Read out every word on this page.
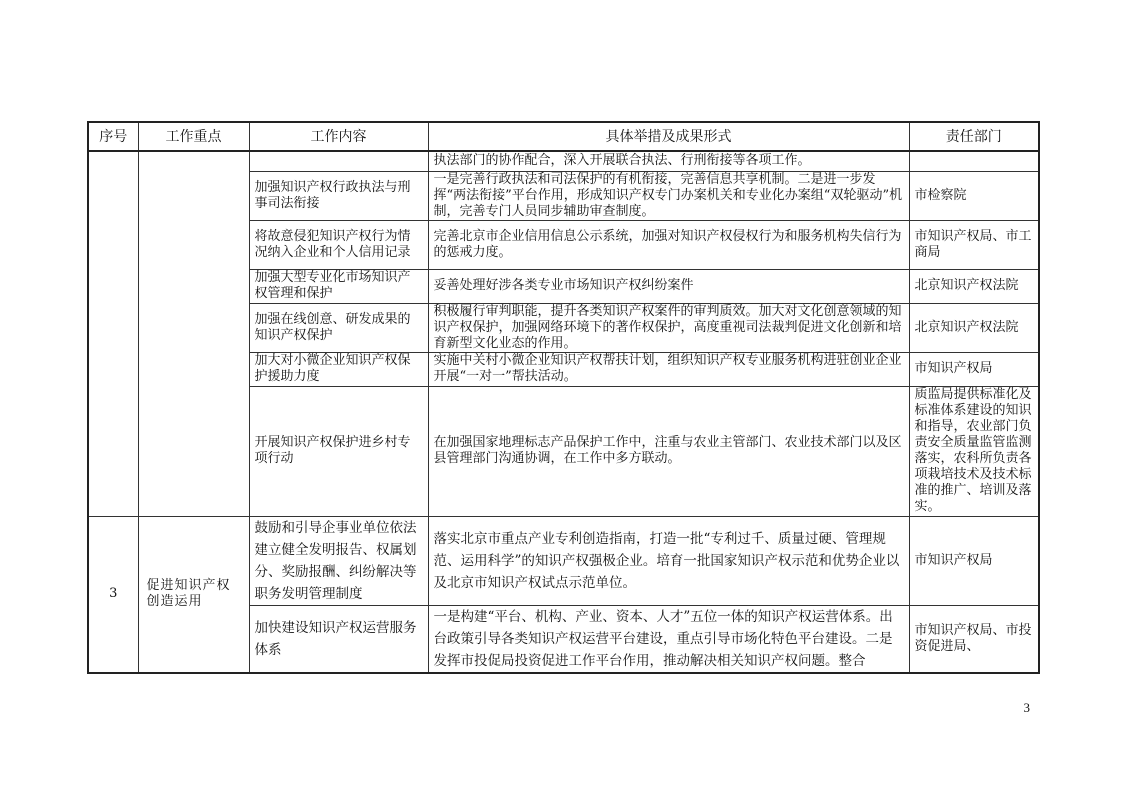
序号	工作重点	工作内容	具体举措及成果形式	责任部门
			执法部门的协作配合，深入开展联合执法、行刑衔接等各项工作。	
		加强知识产权行政执法与刑事司法衔接	一是完善行政执法和司法保护的有机衔接，完善信息共享机制。二是进一步发挥“两法衔接”平台作用，形成知识产权专门办案机关和专业化办案组“双轮驱动”机制，完善专门人员同步辅助审查制度。	市检察院
		将故意侵犯知识产权行为情况纳入企业和个人信用记录	完善北京市企业信用信息公示系统，加强对知识产权侵权行为和服务机构失信行为的惩戒力度。	市知识产权局、市工商局
		加强大型专业化市场知识产权管理和保护	妥善处理好涉各类专业市场知识产权纠纷案件	北京知识产权法院
		加强在线创意、研发成果的知识产权保护	积极履行审判职能，提升各类知识产权案件的审判质效。加大对文化创意领域的知识产权保护，加强网络环境下的著作权保护，高度重视司法裁判促进文化创新和培育新型文化业态的作用。	北京知识产权法院
		加大对小微企业知识产权保护援助力度	实施中关村小微企业知识产权帮扶计划，组织知识产权专业服务机构进驻创业企业开展“一对一”帮扶活动。	市知识产权局
		开展知识产权保护进乡村专项行动	在加强国家地理标志产品保护工作中，注重与农业主管部门、农业技术部门以及区县管理部门沟通协调，在工作中多方联动。	质监局提供标准化及标准体系建设的知识和指导，农业部门负责安全质量监管监测落实，农科所负责各项栽培技术及技术标准的推广、培训及落实。
3	促进知识产权创造运用	鼓励和引导企事业单位依法建立健全发明报告、权属划分、奖励报酬、纠纷解决等职务发明管理制度	落实北京市重点产业专利创造指南，打造一批“专利过千、质量过硬、管理规范、运用科学”的知识产权强极企业。培育一批国家知识产权示范和优势企业以及北京市知识产权试点示范单位。	市知识产权局
		加快建设知识产权运营服务体系	一是构建“平台、机构、产业、资本、人才”五位一体的知识产权运营体系。出台政策引导各类知识产权运营平台建设，重点引导市场化特色平台建设。二是发挥市投促局投资促进工作平台作用，推动解决相关知识产权问题。整合	市知识产权局、市投资促进局、
3
